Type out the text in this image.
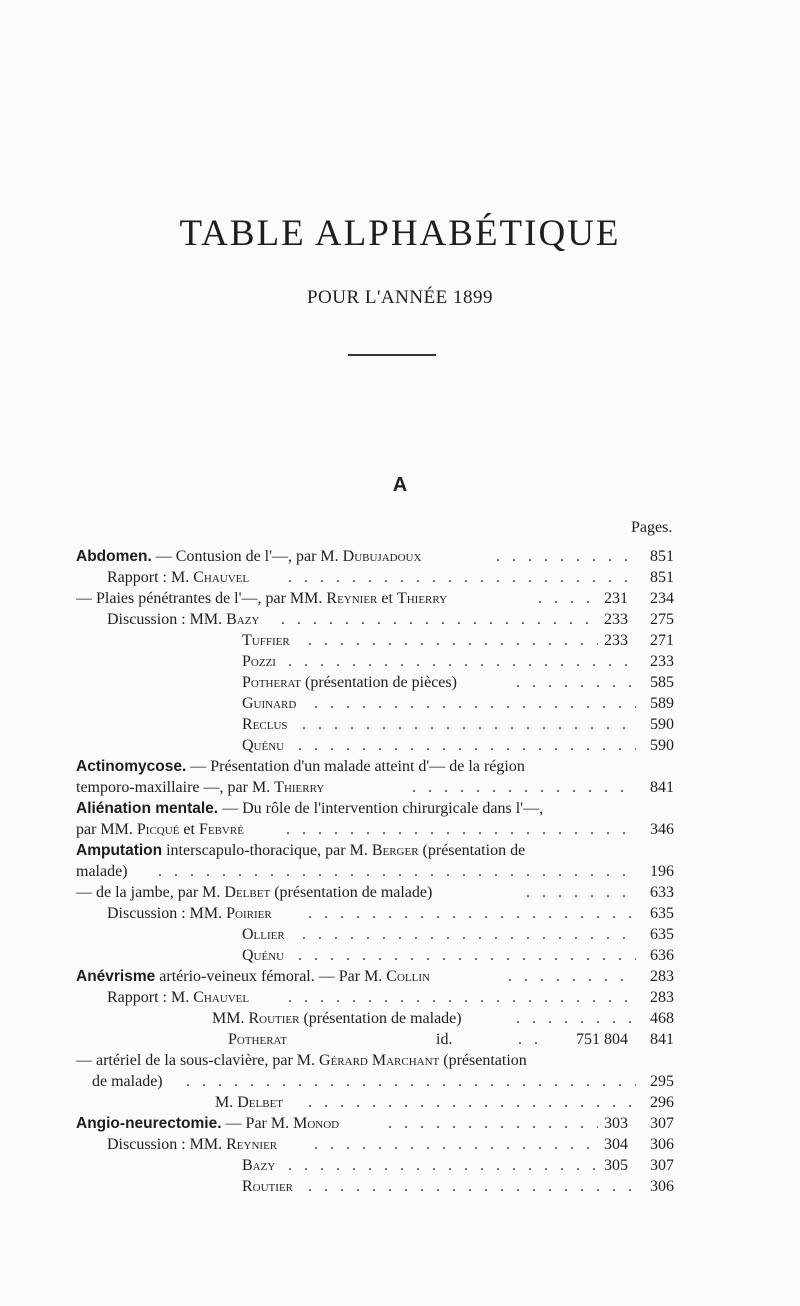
TABLE ALPHABÉTIQUE
POUR L'ANNÉE 1899
A
Pages.
Abdomen. — Contusion de l'—, par M. Dubujadoux . . .	851
Rapport : M. Chauvel . . .	851
— Plaies pénétrantes de l'—, par MM. Reynier et Thierry . . .	231 234
Discussion : MM. Bazy . . .	233 275
Tuffier . . .	233 271
Pozzi . . .	233
Potherat (présentation de pièces) . . .	585
Guinard . . .	589
Reclus . . .	590
Quénu . . .	590
Actinomycose. — Présentation d'un malade atteint d'— de la région
temporo-maxillaire —, par M. Thierry . . .	841
Aliénation mentale. — Du rôle de l'intervention chirurgicale dans l'—,
par MM. Picqué et Febvré . . .	346
Amputation interscapulo-thoracique, par M. Berger (présentation de
malade) . . .	196
— de la jambe, par M. Delbet (présentation de malade) . . .	633
Discussion : MM. Poirier . . .	635
Ollier . . .	635
Quénu . . .	636
Anévrisme artério-veineux fémoral. — Par M. Collin . . .	283
Rapport : M. Chauvel . . .	283
MM. Routier (présentation de malade) . . .	468
Potherat	id. . . .	751 804 841
— artériel de la sous-clavière, par M. Gérard Marchant (présentation
de malade) . . .	295
M. Delbet . . .	296
Angio-neurectomie. — Par M. Monod . . .	303 307
Discussion : MM. Reynier . . .	304 306
Bazy . . .	305 307
Routier . . .	306
